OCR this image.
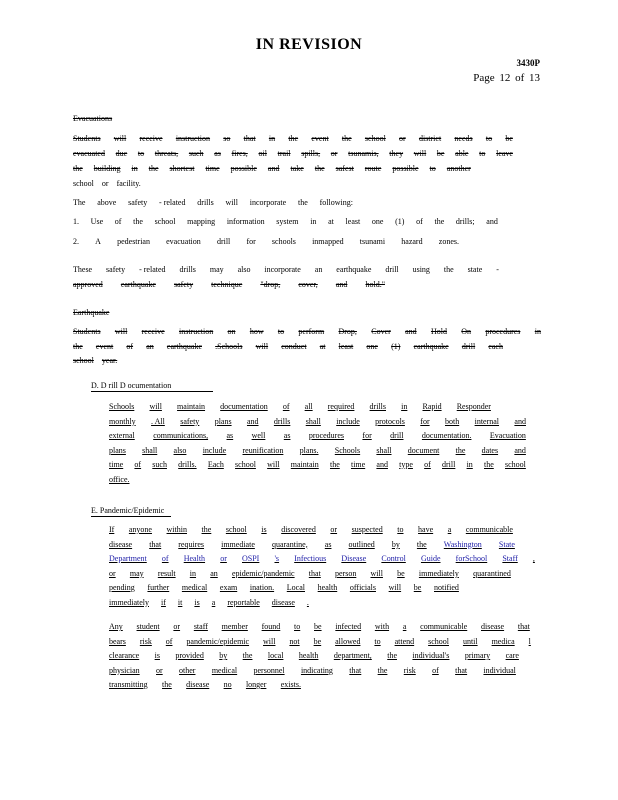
IN REVISION
3430P
Page 12 of 13
Evacuations
Students will receive instruction so that in the event the school or district needs to be
evacuated due to threats, such as fires, oil trail spills, or tsunamis, they will be able to leave
the building in the shortest time possible and take the safest route possible to another
school or facility.
The above safety - related drills will incorporate the following:
1. Use of the school mapping information system in at least one (1) of the drills; and
2. A pedestrian evacuation drill for schools inmapped tsunami hazard zones.
These safety - related drills may also incorporate an earthquake drill using the state -
approved earthquake safety technique "drop, cover, and hold."
Earthquake
Students will receive instruction on how to perform Drop, Cover and Hold On procedures in
the event of an earthquake .Schools will conduct at least one (1) earthquake drill each
school year.
D. D rill D ocumentation
Schools will maintain documentation of all required drills in Rapid Responder
monthly . All safety plans and drills shall include protocols for both internal and
external communications, as well as procedures for drill documentation. Evacuation
plans shall also include reunification plans. Schools shall document the dates and
time of such drills. Each school will maintain the time and type of drill in the school
office.
E. Pandemic/Epidemic
If anyone within the school is discovered or suspected to have a communicable
disease that requires immediate quarantine, as outlined by the Washington State
Department of Health or OSPI 's Infectious Disease Control Guide forSchool Staff ,
or may result in an epidemic/pandemic that person will be immediately quarantined
pending further medical exam ination. Local health officials will be notified
immediately if it is a reportable disease .
Any student or staff member found to be infected with a communicable disease that
bears risk of pandemic/epidemic will not be allowed to attend school until medica l
clearance is provided by the local health department, the individual's primary care
physician or other medical personnel indicating that the risk of that individual
transmitting the disease no longer exists.
